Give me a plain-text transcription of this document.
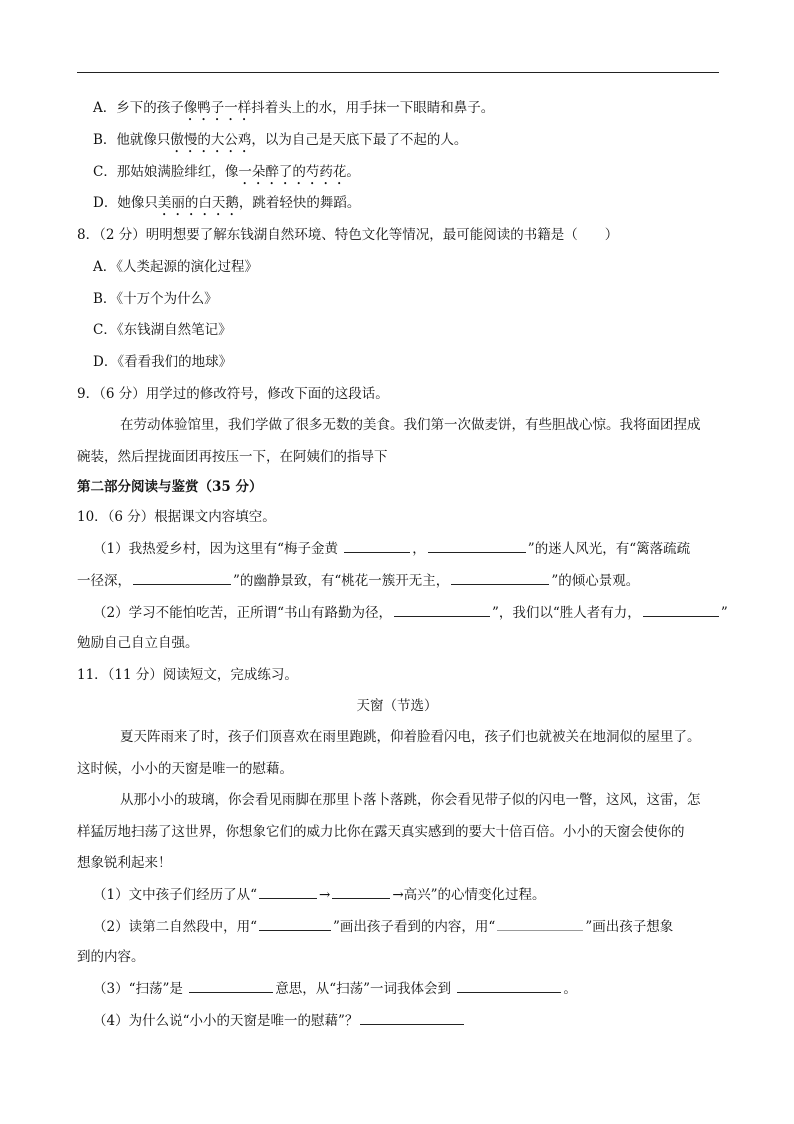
A．乡下的孩子像鸭子一样抖着头上的水，用手抹一下眼睛和鼻子。
B．他就像只傲慢的大公鸡，以为自己是天底下最了不起的人。
C．那姑娘满脸绯红，像一朵醉了的芍药花。
D．她像只美丽的白天鹅，跳着轻快的舞蹈。
8．（2 分）明明想要了解东钱湖自然环境、特色文化等情况，最可能阅读的书籍是（　　）
A．《人类起源的演化过程》
B．《十万个为什么》
C．《东钱湖自然笔记》
D．《看看我们的地球》
9．（6 分）用学过的修改符号，修改下面的这段话。
在劳动体验馆里，我们学做了很多无数的美食。我们第一次做麦饼，有些胆战心惊。我将面团捏成
碗装，然后捏拢面团再按压一下，在阿姨们的指导下
第二部分阅读与鉴赏（35 分）
10．（6 分）根据课文内容填空。
（1）我热爱乡村，因为这里有“梅子金黄	，	”的迷人风光，有“篱落疏疏
一径深，	”的幽静景致，有“桃花一簇开无主，	”的倾心景观。
（2）学习不能怕吃苦，正所谓“书山有路勤为径，	”，我们以“胜人者有力，	”
勉励自己自立自强。
11．（11 分）阅读短文，完成练习。
天窗（节选）
夏天阵雨来了时，孩子们顶喜欢在雨里跑跳，仰着脸看闪电，孩子们也就被关在地洞似的屋里了。
这时候，小小的天窗是唯一的慰藉。
从那小小的玻璃，你会看见雨脚在那里卜落卜落跳，你会看见带子似的闪电一瞥，这风，这雷，怎
样猛厉地扫荡了这世界，你想象它们的威力比你在露天真实感到的要大十倍百倍。小小的天窗会使你的
想象锐利起来！
（1）文中孩子们经历了从“	→	→高兴”的心情变化过程。
（2）读第二自然段中，用“	”画出孩子看到的内容，用“	”画出孩子想象
到的内容。
（3）“扫荡”是	意思，从“扫荡”一词我体会到	。
（4）为什么说“小小的天窗是唯一的慰藉”？
